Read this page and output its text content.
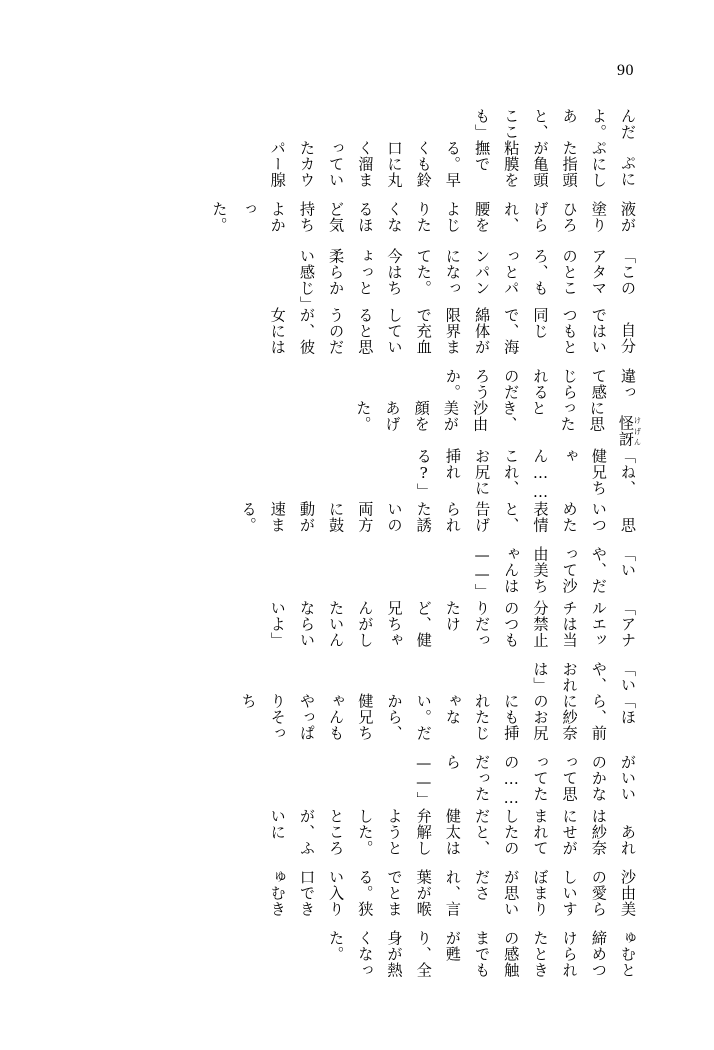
90

んだよ。あと、ここも」

ぷにぷにした指頭が亀頭粘膜を撫でる。早くも鈴口に丸く溜まっていたカウパー腺

液が塗りひろげられ、腰をよじりたくなるほど気持ちよかった。

「このアタマのところ、もっとパンパンになってた。今はちょっと柔らかい感じ」

自分ではいつもと同じで、海綿体が限界まで充血していると思うのだが、彼女には

違って感じられるのだろうか。

怪訝けげんに思ったとき、沙由美が顔をあげた。

「ね、健兄ちゃん……これ、お尻に挿れる?」

思いつめた表情と、告げられた誘いの両方に鼓動が速まる。

「いや、だって沙由美ちゃんは——」

「アナルエッチは当分禁止のつもりだったけど、健兄ちゃんがしたいんならいいよ」

「いや、おれは」

「ほら、前に紗奈のお尻にも挿れたじゃない。だから、健兄ちゃんもやっぱりそっち

がいいのかなって思ってたの……だったら——」

あれは紗奈にせがまれてしたのだと、健太は弁解しようとした。ところが、ふいに

沙由美の愛らしいすぼまりが思いだされ、言葉が喉でとまる。狭い入り口できゅむき

ゅむと締めつけられたときの感触までもが甦り、全身が熱くなった。
